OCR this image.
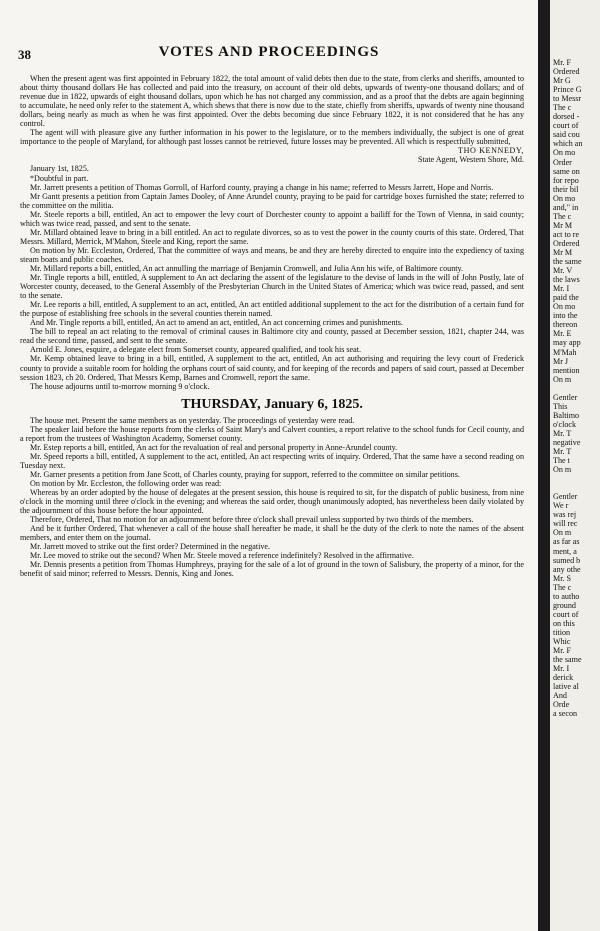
38	VOTES AND PROCEEDINGS

When the present agent was first appointed in February 1822, the total amount of valid debts then due to the state, from clerks and sheriffs, amounted to about thirty thousand dollars He has collected and paid into the treasury, on account of their old debts, upwards of twenty-one thousand dollars; and of revenue due in 1822, upwards of eight thousand dollars, upon which he has not charged any commission, and as a proof that the debts are again beginning to accumulate, he need only refer to the statement A, which shews that there is now due to the state, chiefly from sheriffs, upwards of twenty nine thousand dollars, being nearly as much as when he was first appointed. Over the debts becoming due since February 1822, it is not considered that he has any control.

The agent will with pleasure give any further information in his power to the legislature, or to the members individually, the subject is one of great importance to the people of Maryland, for although past losses cannot be retrieved, future losses may be prevented. All which is respectfully submitted,

THO KENNEDY,

State Agent, Western Shore, Md.

January 1st, 1825.

*Doubtful in part.

Mr. Jarrett presents a petition of Thomas Gorroll, of Harford county, praying a change in his name; referred to Messrs Jarrett, Hope and Norris.

Mr Gantt presents a petition from Captain James Dooley, of Anne Arundel county, praying to be paid for cartridge boxes furnished the state; referred to the committee on the militia.

Mr. Steele reports a bill, entitled, An act to empower the levy court of Dorchester county to appoint a bailiff for the Town of Vienna, in said county; which was twice read, passed, and sent to the senate.

Mr. Millard obtained leave to bring in a bill entitled. An act to regulate divorces, so as to vest the power in the county courts of this state. Ordered, That Messrs. Millard, Merrick, M'Mahon, Steele and King, report the same.

On motion by Mr. Eccleston, Ordered, That the committee of ways and means, be and they are hereby directed to enquire into the expediency of taxing steam boats and public coaches.

Mr. Millard reports a bill, entitled, An act annulling the marriage of Benjamin Cromwell, and Julia Ann his wife, of Baltimore county.

Mr. Tingle reports a bill, entitled, A supplement to An act declaring the assent of the legislature to the devise of lands in the will of John Postly, late of Worcester county, deceased, to the General Assembly of the Presbyterian Church in the United States of America; which was twice read, passed, and sent to the senate.

Mr. Lee reports a bill, entitled, A supplement to an act, entitled, An act entitled additional supplement to the act for the distribution of a certain fund for the purpose of establishing free schools in the several counties therein named.

And Mr. Tingle reports a bill, entitled, An act to amend an act, entitled, An act concerning crimes and punishments.

The bill to repeal an act relating to the removal of criminal causes in Baltimore city and county, passed at December session, 1821, chapter 244, was read the second time, passed, and sent to the senate.

Arnold E. Jones, esquire, a delegate elect from Somerset county, appeared qualified, and took his seat.

Mr. Kemp obtained leave to bring in a bill, entitled, A supplement to the act, entitled, An act authorising and requiring the levy court of Frederick county to provide a suitable room for holding the orphans court of said county, and for keeping of the records and papers of said court, passed at December session 1823, ch 20. Ordered, That Messrs Kemp, Barnes and Cromwell, report the same.

The house adjourns until to-morrow morning 9 o'clock.

THURSDAY, January 6, 1825.

The house met. Present the same members as on yesterday. The proceedings of yesterday were read.

The speaker laid before the house reports from the clerks of Saint Mary's and Calvert counties, a report relative to the school funds for Cecil county, and a report from the trustees of Washington Academy, Somerset county.

Mr. Estep reports a bill, entitled, An act for the revaluation of real and personal property in Anne-Arundel county.

Mr. Speed reports a bill, entitled, A supplement to the act, entitled, An act respecting writs of inquiry. Ordered, That the same have a second reading on Tuesday next.

Mr. Garner presents a petition from Jane Scott, of Charles county, praying for support, referred to the committee on similar petitions.

On motion by Mr. Eccleston, the following order was read:

Whereas by an order adopted by the house of delegates at the present session, this house is required to sit, for the dispatch of public business, from nine o'clock in the morning until three o'clock in the evening; and whereas the said order, though unanimously adopted, has nevertheless been daily violated by the adjournment of this house before the hour appointed.

Therefore, Ordered, That no motion for an adjournment before three o'clock shall prevail unless supported by two thirds of the members.

And be it further Ordered, That whenever a call of the house shall hereafter be made, it shall be the duty of the clerk to note the names of the absent members, and enter them on the journal.

Mr. Jarrett moved to strike out the first order? Determined in the negative.

Mr. Lee moved to strike out the second? When Mr. Steele moved a reference indefinitely? Resolved in the affirmative.

Mr. Dennis presents a petition from Thomas Humphreys, praying for the sale of a lot of ground in the town of Salisbury, the property of a minor, for the benefit of said minor; referred to Messrs. Dennis, King and Jones.

Mr. F
Ordered
Mr G
Prince G
to Messr
The c
dorsed -
court of
said cou
which an
On mo
Order
same on
for repo
their bil
On mo
and," in
The c
Mr M
act to re
Ordered
Mr M
the same
Mr. V
the laws
Mr. I
paid the
On mo
into the
thereon
Mr. E
may app
M'Mah
Mr J
mention
On m

Gentler
This
Baltimo
o'clock
Mr. T
negative
Mr. T
The t
On m

Gentler
We r
was rej
will rec
On m
as far as
ment, a
sumed b
any othe
Mr. S
The c
to autho
ground
court of
on this
tition
Whic
Mr. F
the same
Mr. I
derick
lative al
And
Orde
a secon
